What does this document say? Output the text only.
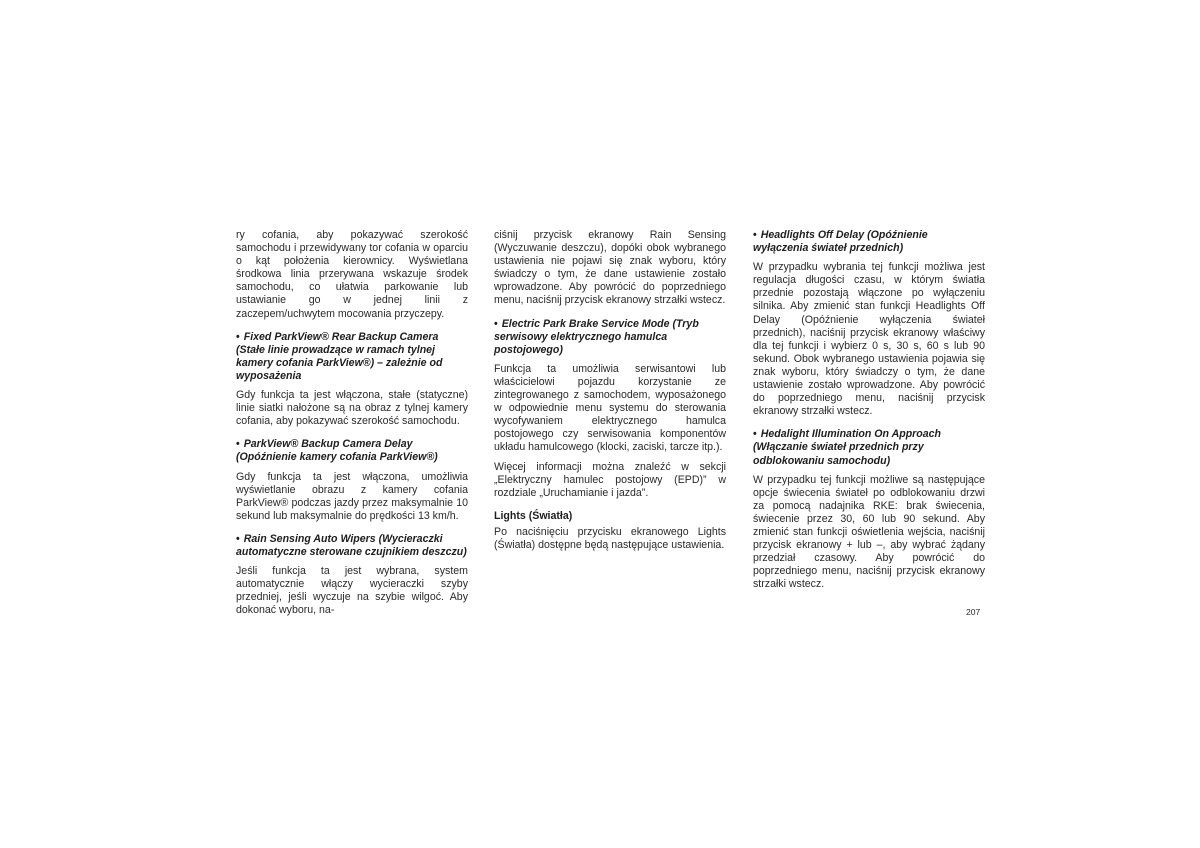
ry cofania, aby pokazywać szerokość samochodu i przewidywany tor cofania w oparciu o kąt położenia kierownicy. Wyświetlana środkowa linia przerywana wskazuje środek samochodu, co ułatwia parkowanie lub ustawianie go w jednej linii z zaczepem/uchwytem mocowania przyczepy.

• Fixed ParkView® Rear Backup Camera (Stałe linie prowadzące w ramach tylnej kamery cofania ParkView®) – zależnie od wyposażenia

Gdy funkcja ta jest włączona, stałe (statyczne) linie siatki nałożone są na obraz z tylnej kamery cofania, aby pokazywać szerokość samochodu.

• ParkView® Backup Camera Delay (Opóźnienie kamery cofania ParkView®)

Gdy funkcja ta jest włączona, umożliwia wyświetlanie obrazu z kamery cofania ParkView® podczas jazdy przez maksymalnie 10 sekund lub maksymalnie do prędkości 13 km/h.

• Rain Sensing Auto Wipers (Wycieraczki automatyczne sterowane czujnikiem deszczu)

Jeśli funkcja ta jest wybrana, system automatycznie włączy wycieraczki szyby przedniej, jeśli wyczuje na szybie wilgoć. Aby dokonać wyboru, na-

ciśnij przycisk ekranowy Rain Sensing (Wyczuwanie deszczu), dopóki obok wybranego ustawienia nie pojawi się znak wyboru, który świadczy o tym, że dane ustawienie zostało wprowadzone. Aby powrócić do poprzedniego menu, naciśnij przycisk ekranowy strzałki wstecz.

• Electric Park Brake Service Mode (Tryb serwisowy elektrycznego hamulca postojowego)

Funkcja ta umożliwia serwisantowi lub właścicielowi pojazdu korzystanie ze zintegrowanego z samochodem, wyposażonego w odpowiednie menu systemu do sterowania wycofywaniem elektrycznego hamulca postojowego czy serwisowania komponentów układu hamulcowego (klocki, zaciski, tarcze itp.).

Więcej informacji można znaleźć w sekcji „Elektryczny hamulec postojowy (EPD)” w rozdziale „Uruchamianie i jazda”.

Lights (Światła)

Po naciśnięciu przycisku ekranowego Lights (Światła) dostępne będą następujące ustawienia.

• Headlights Off Delay (Opóźnienie wyłączenia świateł przednich)

W przypadku wybrania tej funkcji możliwa jest regulacja długości czasu, w którym światła przednie pozostają włączone po wyłączeniu silnika. Aby zmienić stan funkcji Headlights Off Delay (Opóźnienie wyłączenia świateł przednich), naciśnij przycisk ekranowy właściwy dla tej funkcji i wybierz 0 s, 30 s, 60 s lub 90 sekund. Obok wybranego ustawienia pojawia się znak wyboru, który świadczy o tym, że dane ustawienie zostało wprowadzone. Aby powrócić do poprzedniego menu, naciśnij przycisk ekranowy strzałki wstecz.

• Hedalight Illumination On Approach (Włączanie świateł przednich przy odblokowaniu samochodu)

W przypadku tej funkcji możliwe są następujące opcje świecenia świateł po odblokowaniu drzwi za pomocą nadajnika RKE: brak świecenia, świecenie przez 30, 60 lub 90 sekund. Aby zmienić stan funkcji oświetlenia wejścia, naciśnij przycisk ekranowy + lub –, aby wybrać żądany przedział czasowy. Aby powrócić do poprzedniego menu, naciśnij przycisk ekranowy strzałki wstecz.

207
